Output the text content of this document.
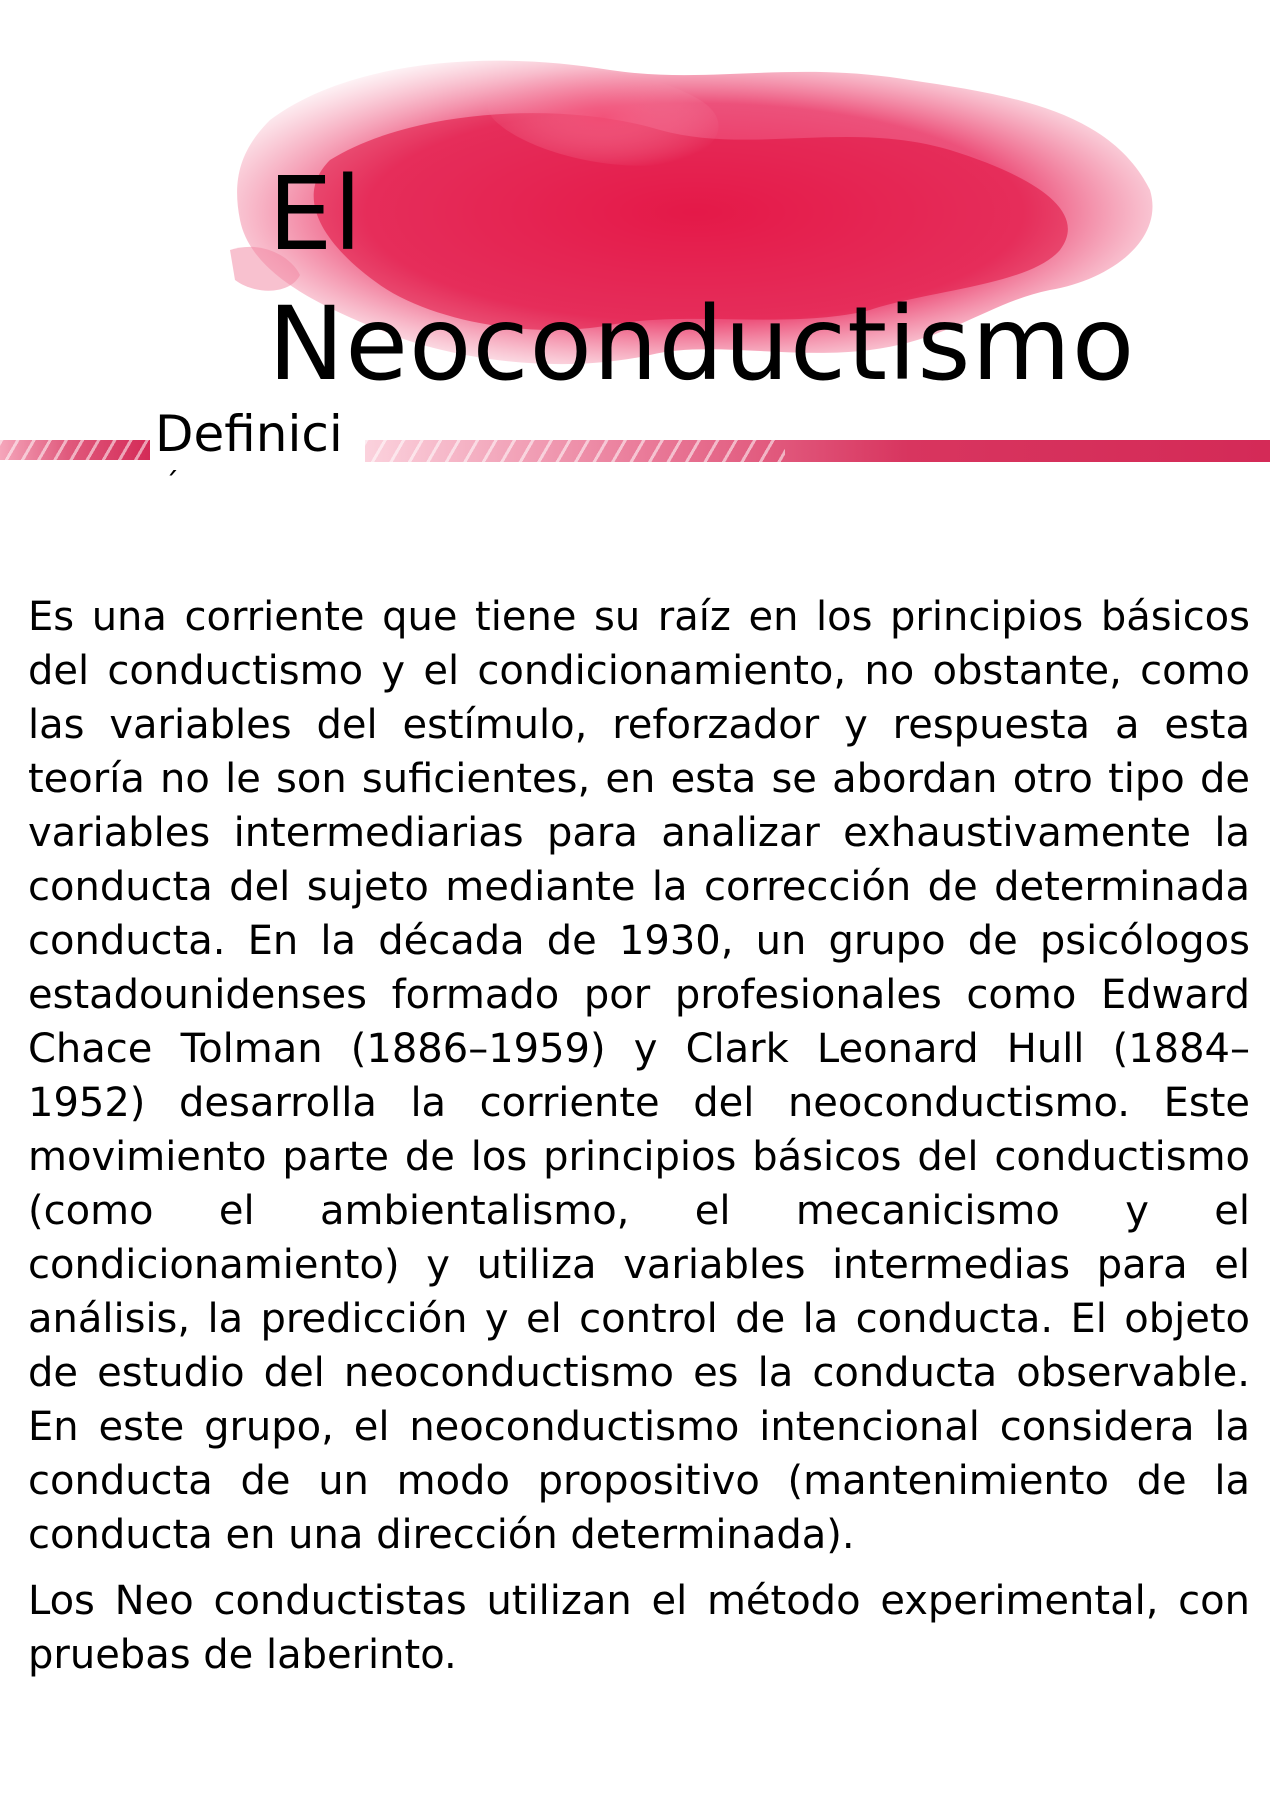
El
Neoconductismo
Definici
´

Es una corriente que tiene su raíz en los principios básicos del conductismo y el condicionamiento, no obstante, como las variables del estímulo, reforzador y respuesta a esta teoría no le son suficientes, en esta se abordan otro tipo de variables intermediarias para analizar exhaustivamente la conducta del sujeto mediante la corrección de determinada conducta. En la década de 1930, un grupo de psicólogos estadounidenses formado por profesionales como Edward Chace Tolman (1886–1959) y Clark Leonard Hull (1884–1952) desarrolla la corriente del neoconductismo. Este movimiento parte de los principios básicos del conductismo (como el ambientalismo, el mecanicismo y el condicionamiento) y utiliza variables intermedias para el análisis, la predicción y el control de la conducta. El objeto de estudio del neoconductismo es la conducta observable. En este grupo, el neoconductismo intencional considera la conducta de un modo propositivo (mantenimiento de la conducta en una dirección determinada).

Los Neo conductistas utilizan el método experimental, con pruebas de laberinto.
